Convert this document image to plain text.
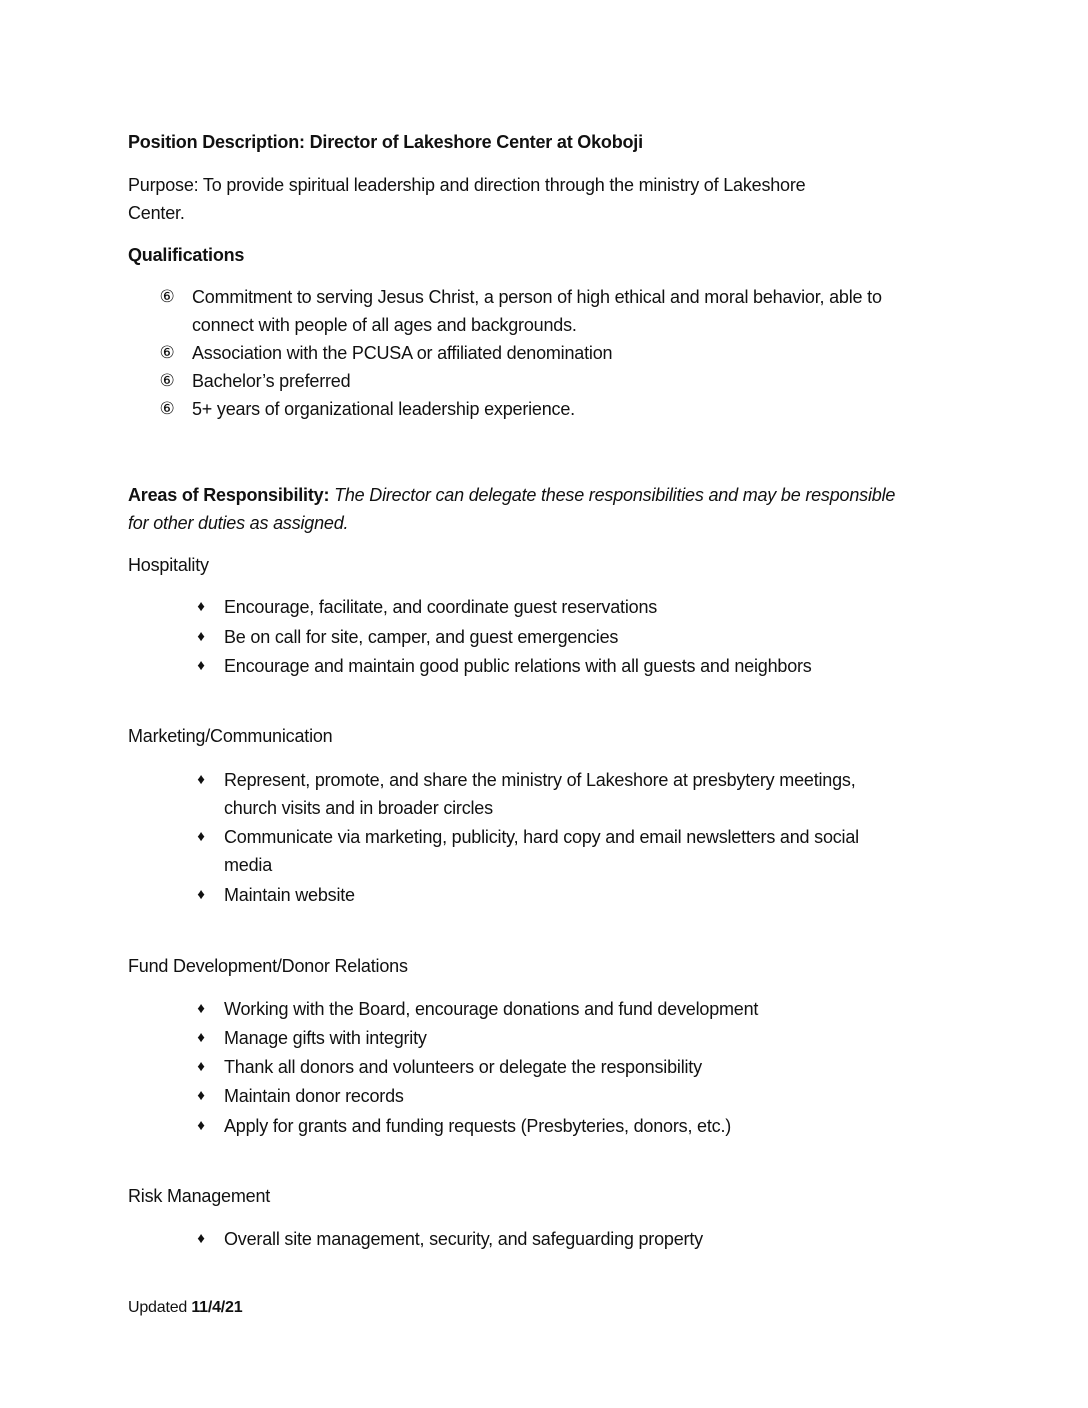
Position Description: Director of Lakeshore Center at Okoboji
Purpose: To provide spiritual leadership and direction through the ministry of Lakeshore
Center.
Qualifications
⑥ Commitment to serving Jesus Christ, a person of high ethical and moral behavior, able to
connect with people of all ages and backgrounds.
⑥ Association with the PCUSA or affiliated denomination
⑥ Bachelor’s preferred
⑥ 5+ years of organizational leadership experience.
Areas of Responsibility: The Director can delegate these responsibilities and may be responsible
for other duties as assigned.
Hospitality
♦ Encourage, facilitate, and coordinate guest reservations
♦ Be on call for site, camper, and guest emergencies
♦ Encourage and maintain good public relations with all guests and neighbors
Marketing/Communication
♦ Represent, promote, and share the ministry of Lakeshore at presbytery meetings,
church visits and in broader circles
♦ Communicate via marketing, publicity, hard copy and email newsletters and social
media
♦ Maintain website
Fund Development/Donor Relations
♦ Working with the Board, encourage donations and fund development
♦ Manage gifts with integrity
♦ Thank all donors and volunteers or delegate the responsibility
♦ Maintain donor records
♦ Apply for grants and funding requests (Presbyteries, donors, etc.)
Risk Management
♦ Overall site management, security, and safeguarding property
Updated 11/4/21
